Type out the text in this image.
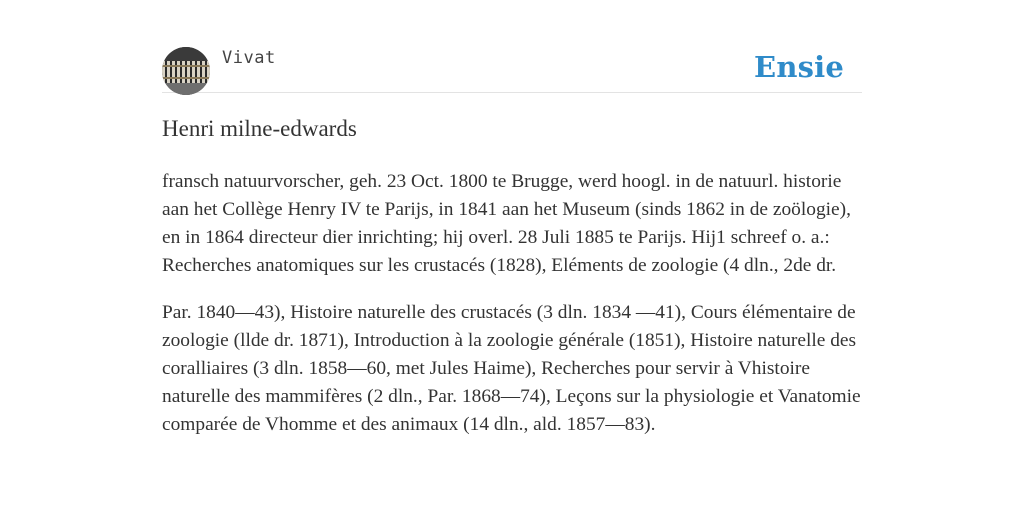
Vivat	Ensie
Henri milne-edwards

fransch natuurvorscher, geh. 23 Oct. 1800 te Brugge, werd hoogl. in de natuurl. historie aan het Collège Henry IV te Parijs, in 1841 aan het Museum (sinds 1862 in de zoölogie), en in 1864 directeur dier inrichting; hij overl. 28 Juli 1885 te Parijs. Hij1 schreef o. a.: Recherches anatomiques sur les crustacés (1828), Eléments de zoologie (4 dln., 2de dr.

Par. 1840—43), Histoire naturelle des crustacés (3 dln. 1834 —41), Cours élémentaire de zoologie (llde dr. 1871), Introduction à la zoologie générale (1851), Histoire naturelle des coralliaires (3 dln. 1858—60, met Jules Haime), Recherches pour servir à Vhistoire naturelle des mammifères (2 dln., Par. 1868—74), Leçons sur la physiologie et Vanatomie comparée de Vhomme et des animaux (14 dln., ald. 1857—83).
